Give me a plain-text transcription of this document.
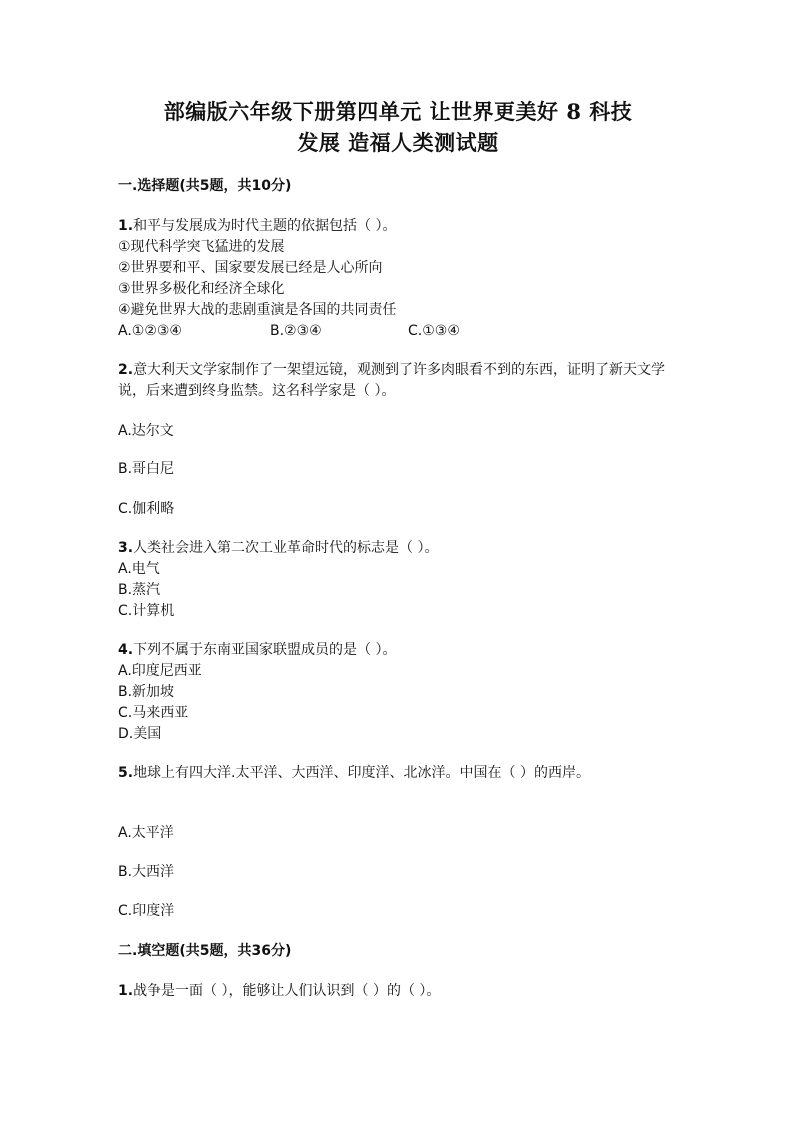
部编版六年级下册第四单元 让世界更美好 8 科技
发展 造福人类测试题
一.选择题(共5题，共10分)
1.和平与发展成为时代主题的依据包括（ ）。
①现代科学突飞猛进的发展
②世界要和平、国家要发展已经是人心所向
③世界多极化和经济全球化
④避免世界大战的悲剧重演是各国的共同责任
A.①②③④	B.②③④	C.①③④
2.意大利天文学家制作了一架望远镜，观测到了许多肉眼看不到的东西，证明了新天文学说，后来遭到终身监禁。这名科学家是（ ）。
A.达尔文
B.哥白尼
C.伽利略
3.人类社会进入第二次工业革命时代的标志是（ ）。
A.电气
B.蒸汽
C.计算机
4.下列不属于东南亚国家联盟成员的是（ ）。
A.印度尼西亚
B.新加坡
C.马来西亚
D.美国
5.地球上有四大洋.太平洋、大西洋、印度洋、北冰洋。中国在（ ）的西岸。
A.太平洋
B.大西洋
C.印度洋
二.填空题(共5题，共36分)
1.战争是一面（ ），能够让人们认识到（ ）的（ ）。
